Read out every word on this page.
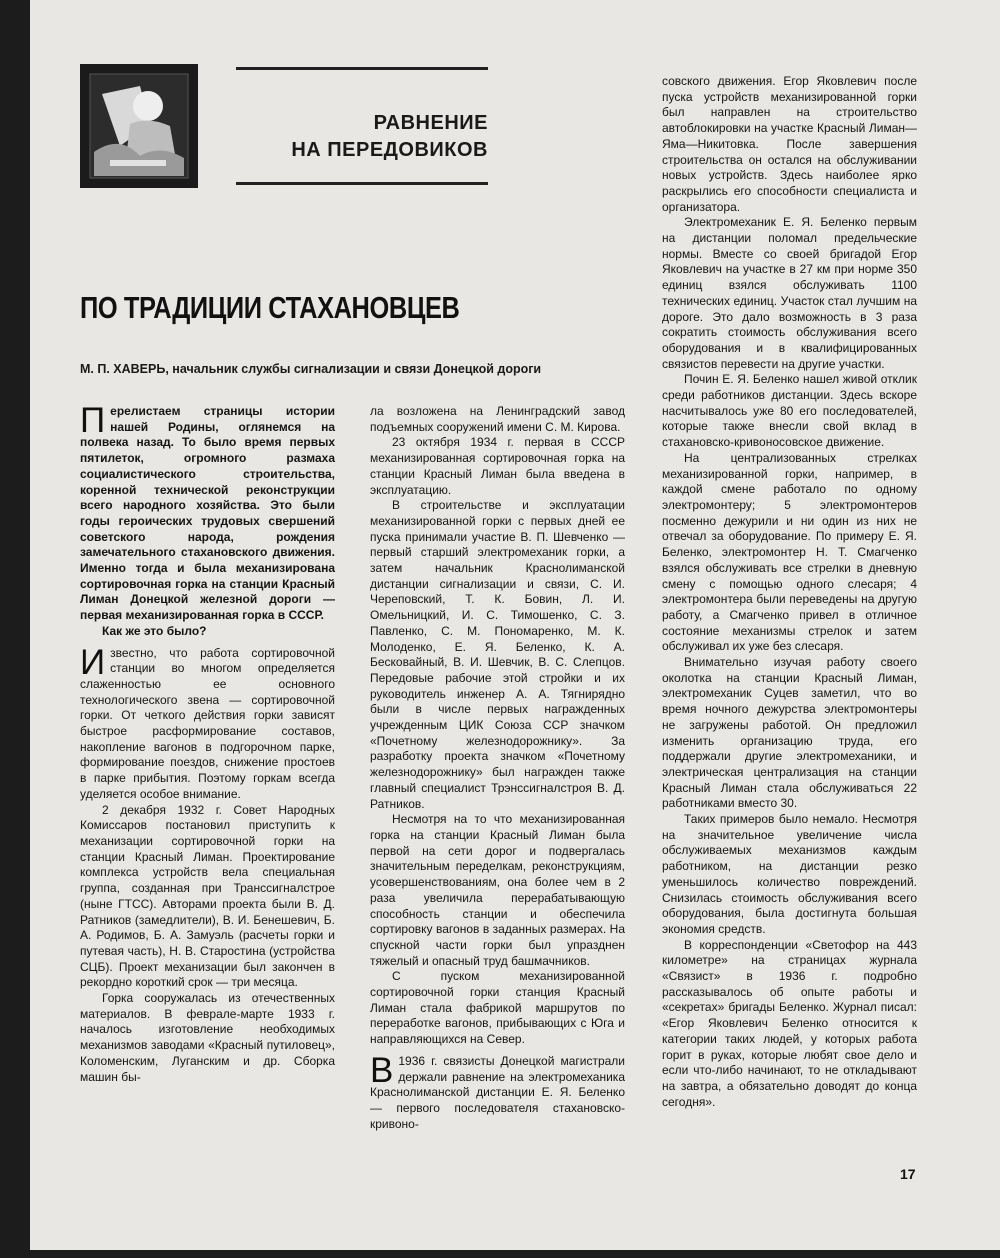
РАВНЕНИЕ
НА ПЕРЕДОВИКОВ
ПО ТРАДИЦИИ СТАХАНОВЦЕВ
М. П. ХАВЕРЬ, начальник службы сигнализации и связи Донецкой дороги

Перелистаем страницы истории нашей Родины, оглянемся на полвека назад. То было время первых пятилеток, огромного размаха социалистического строительства, коренной технической реконструкции всего народного хозяйства. Это были годы героических трудовых свершений советского народа, рождения замечательного стахановского движения. Именно тогда и была механизирована сортировочная горка на станции Красный Лиман Донецкой железной дороги — первая механизированная горка в СССР.

Как же это было?

Известно, что работа сортировочной станции во многом определяется слаженностью ее основного технологического звена — сортировочной горки. От четкого действия горки зависят быстрое расформирование составов, накопление вагонов в подгорочном парке, формирование поездов, снижение простоев в парке прибытия. Поэтому горкам всегда уделяется особое внимание.

2 декабря 1932 г. Совет Народных Комиссаров постановил приступить к механизации сортировочной горки на станции Красный Лиман. Проектирование комплекса устройств вела специальная группа, созданная при Транссигналстрое (ныне ГТСС). Авторами проекта были В. Д. Ратников (замедлители), В. И. Бенешевич, Б. А. Родимов, Б. А. Замуэль (расчеты горки и путевая часть), Н. В. Старостина (устройства СЦБ). Проект механизации был закончен в рекордно короткий срок — три месяца.

Горка сооружалась из отечественных материалов. В феврале-марте 1933 г. началось изготовление необходимых механизмов заводами «Красный путиловец», Коломенским, Луганским и др. Сборка машин бы-

ла возложена на Ленинградский завод подъемных сооружений имени С. М. Кирова.

23 октября 1934 г. первая в СССР механизированная сортировочная горка на станции Красный Лиман была введена в эксплуатацию.

В строительстве и эксплуатации механизированной горки с первых дней ее пуска принимали участие В. П. Шевченко — первый старший электромеханик горки, а затем начальник Краснолиманской дистанции сигнализации и связи, С. И. Череповский, Т. К. Бовин, Л. И. Омельницкий, И. С. Тимошенко, С. З. Павленко, С. М. Пономаренко, М. К. Молоденко, Е. Я. Беленко, К. А. Бесковайный, В. И. Шевчик, В. С. Слепцов. Передовые рабочие этой стройки и их руководитель инженер А. А. Тягнирядно были в числе первых награжденных учрежденным ЦИК Союза ССР значком «Почетному железнодорожнику». За разработку проекта значком «Почетному железнодорожнику» был награжден также главный специалист Трэнссигналстроя В. Д. Ратников.

Несмотря на то что механизированная горка на станции Красный Лиман была первой на сети дорог и подвергалась значительным переделкам, реконструкциям, усовершенствованиям, она более чем в 2 раза увеличила перерабатывающую способность станции и обеспечила сортировку вагонов в заданных размерах. На спускной части горки был упразднен тяжелый и опасный труд башмачников.

С пуском механизированной сортировочной горки станция Красный Лиман стала фабрикой маршрутов по переработке вагонов, прибывающих с Юга и направляющихся на Север.

В 1936 г. связисты Донецкой магистрали держали равнение на электромеханика Краснолиманской дистанции Е. Я. Беленко — первого последователя стахановско-кривоно-

совского движения. Егор Яковлевич после пуска устройств механизированной горки был направлен на строительство автоблокировки на участке Красный Лиман—Яма—Никитовка. После завершения строительства он остался на обслуживании новых устройств. Здесь наиболее ярко раскрылись его способности специалиста и организатора.

Электромеханик Е. Я. Беленко первым на дистанции поломал предельческие нормы. Вместе со своей бригадой Егор Яковлевич на участке в 27 км при норме 350 единиц взялся обслуживать 1100 технических единиц. Участок стал лучшим на дороге. Это дало возможность в 3 раза сократить стоимость обслуживания всего оборудования и в квалифицированных связистов перевести на другие участки.

Почин Е. Я. Беленко нашел живой отклик среди работников дистанции. Здесь вскоре насчитывалось уже 80 его последователей, которые также внесли свой вклад в стахановско-кривоносовское движение.

На централизованных стрелках механизированной горки, например, в каждой смене работало по одному электромонтеру; 5 электромонтеров посменно дежурили и ни один из них не отвечал за оборудование. По примеру Е. Я. Беленко, электромонтер Н. Т. Смагченко взялся обслуживать все стрелки в дневную смену с помощью одного слесаря; 4 электромонтера были переведены на другую работу, а Смагченко привел в отличное состояние механизмы стрелок и затем обслуживал их уже без слесаря.

Внимательно изучая работу своего околотка на станции Красный Лиман, электромеханик Суцев заметил, что во время ночного дежурства электромонтеры не загружены работой. Он предложил изменить организацию труда, его поддержали другие электромеханики, и электрическая централизация на станции Красный Лиман стала обслуживаться 22 работниками вместо 30.

Таких примеров было немало. Несмотря на значительное увеличение числа обслуживаемых механизмов каждым работником, на дистанции резко уменьшилось количество повреждений. Снизилась стоимость обслуживания всего оборудования, была достигнута большая экономия средств.

В корреспонденции «Светофор на 443 километре» на страницах журнала «Связист» в 1936 г. подробно рассказывалось об опыте работы и «секретах» бригады Беленко. Журнал писал: «Егор Яковлевич Беленко относится к категории таких людей, у которых работа горит в руках, которые любят свое дело и если что-либо начинают, то не откладывают на завтра, а обязательно доводят до конца сегодня».

17
